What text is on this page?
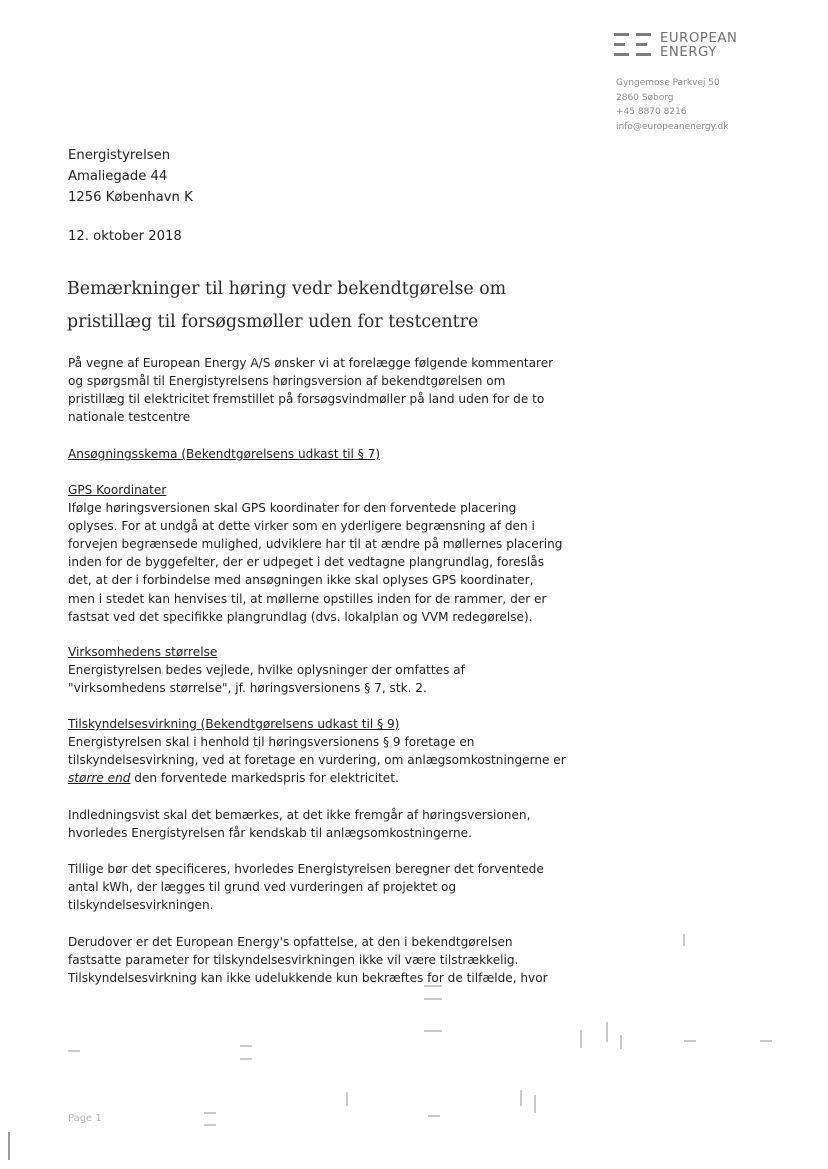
EUROPEAN
ENERGY
Gyngemose Parkvej 50
2860 Søborg
+45 8870 8216
info@europeanenergy.dk
Energistyrelsen
Amaliegade 44
1256 København K
12. oktober 2018
Bemærkninger til høring vedr bekendtgørelse om
pristillæg til forsøgsmøller uden for testcentre

På vegne af European Energy A/S ønsker vi at forelægge følgende kommentarer

og spørgsmål til Energistyrelsens høringsversion af bekendtgørelsen om

pristillæg til elektricitet fremstillet på forsøgsvindmøller på land uden for de to

nationale testcentre

Ansøgningsskema (Bekendtgørelsens udkast til § 7)

GPS Koordinater

Ifølge høringsversionen skal GPS koordinater for den forventede placering

oplyses. For at undgå at dette virker som en yderligere begrænsning af den i

forvejen begrænsede mulighed, udviklere har til at ændre på møllernes placering

inden for de byggefelter, der er udpeget i det vedtagne plangrundlag, foreslås

det, at der i forbindelse med ansøgningen ikke skal oplyses GPS koordinater,

men i stedet kan henvises til, at møllerne opstilles inden for de rammer, der er

fastsat ved det specifikke plangrundlag (dvs. lokalplan og VVM redegørelse).

Virksomhedens størrelse

Energistyrelsen bedes vejlede, hvilke oplysninger der omfattes af

"virksomhedens størrelse", jf. høringsversionens § 7, stk. 2.

Tilskyndelsesvirkning (Bekendtgørelsens udkast til § 9)

Energistyrelsen skal i henhold til høringsversionens § 9 foretage en

tilskyndelsesvirkning, ved at foretage en vurdering, om anlægsomkostningerne er

større end den forventede markedspris for elektricitet.

Indledningsvist skal det bemærkes, at det ikke fremgår af høringsversionen,

hvorledes Energistyrelsen får kendskab til anlægsomkostningerne.

Tillige bør det specificeres, hvorledes Energistyrelsen beregner det forventede

antal kWh, der lægges til grund ved vurderingen af projektet og

tilskyndelsesvirkningen.

Derudover er det European Energy's opfattelse, at den i bekendtgørelsen

fastsatte parameter for tilskyndelsesvirkningen ikke vil være tilstrækkelig.

Tilskyndelsesvirkning kan ikke udelukkende kun bekræftes for de tilfælde, hvor

Page 1
